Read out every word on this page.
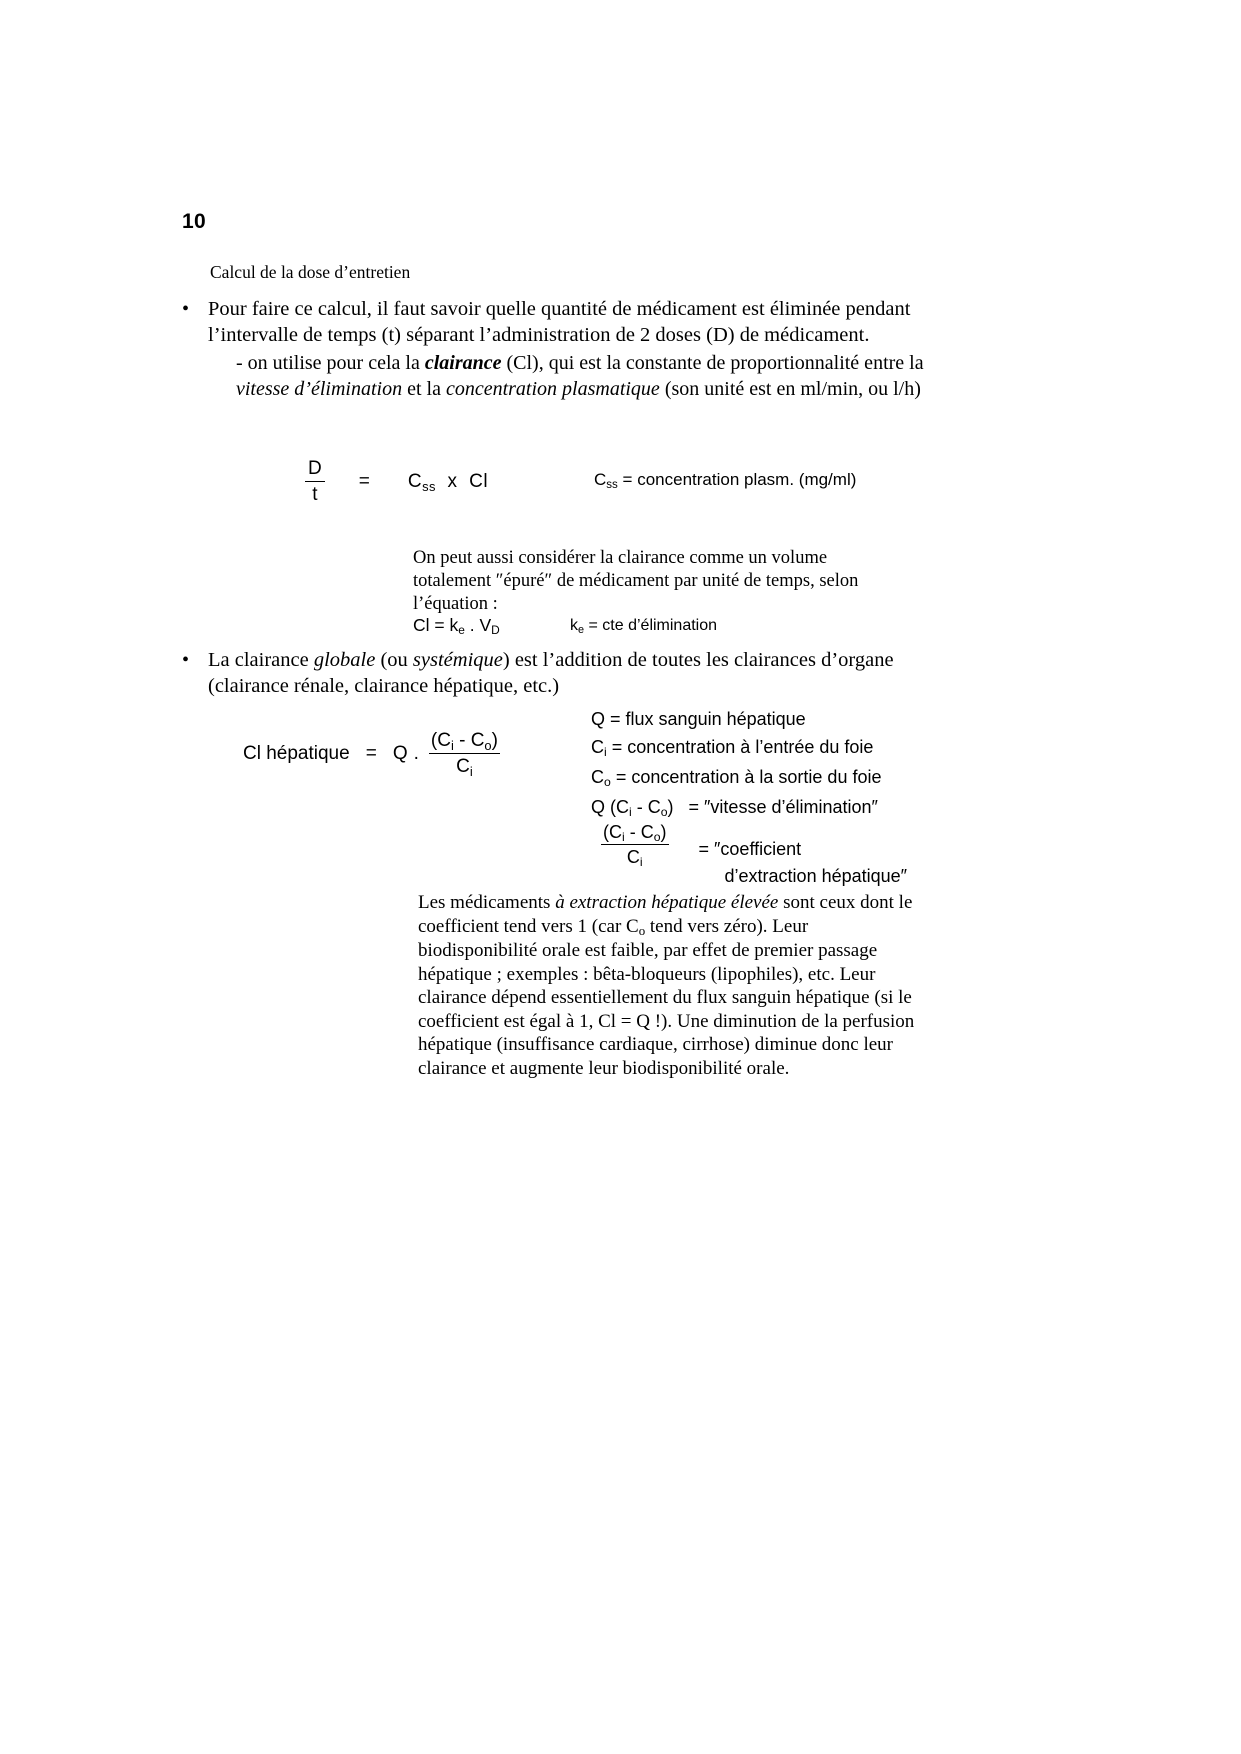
10
Calcul de la dose d’entretien
• Pour faire ce calcul, il faut savoir quelle quantité de médicament est éliminée pendant l’intervalle de temps (t) séparant l’administration de 2 doses (D) de médicament.
- on utilise pour cela la clairance (Cl), qui est la constante de proportionnalité entre la vitesse d’élimination et la concentration plasmatique (son unité est en ml/min, ou l/h)
$\frac{D}{t} = C_{ss}$ x Cl	$C_{ss}$ = concentration plasm. (mg/ml)
On peut aussi considérer la clairance comme un volume
totalement ″épuré″ de médicament par unité de temps, selon
l’équation :
$Cl = k_e$ . $V_D$	$k_e$ = cte d’élimination
• La clairance globale (ou systémique) est l’addition de toutes les clairances d’organe (clairance rénale, clairance hépatique, etc.)
Cl hépatique = Q . $\frac{(C_i - C_o)}{C_i}$
Q = flux sanguin hépatique
$C_i$ = concentration à l’entrée du foie
$C_o$ = concentration à la sortie du foie
Q $(C_i - C_o)$ = ″vitesse d’élimination″
$\frac{(C_i - C_o)}{C_i}$ = ″coefficient
d’extraction hépatique″
Les médicaments à extraction hépatique élevée sont ceux dont le
coefficient tend vers 1 (car $C_o$ tend vers zéro). Leur
biodisponibilité orale est faible, par effet de premier passage
hépatique ; exemples : bêta-bloqueurs (lipophiles), etc. Leur
clairance dépend essentiellement du flux sanguin hépatique (si le
coefficient est égal à 1, Cl = Q !). Une diminution de la perfusion
hépatique (insuffisance cardiaque, cirrhose) diminue donc leur
clairance et augmente leur biodisponibilité orale.
